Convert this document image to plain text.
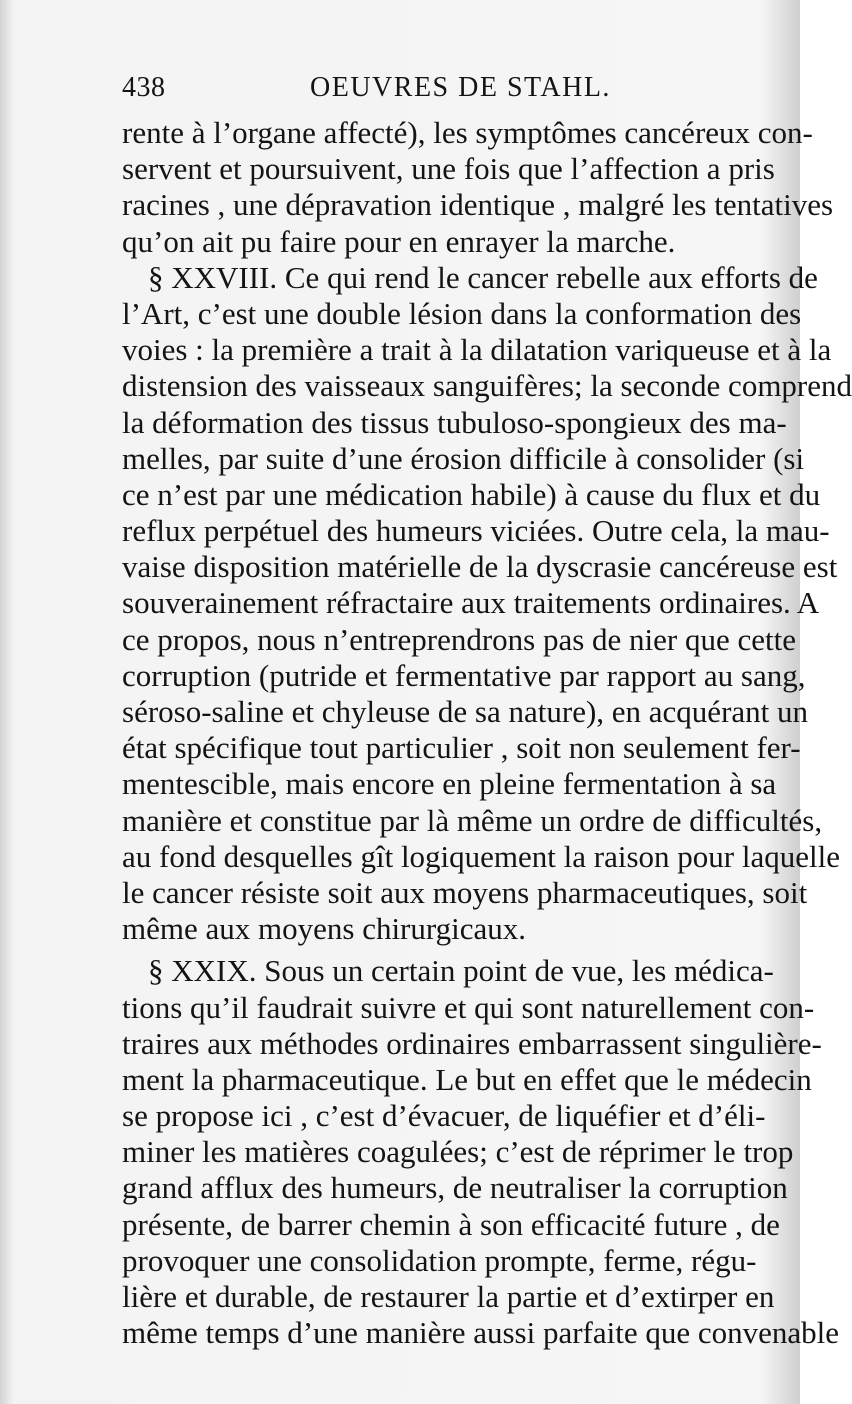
438	OEUVRES DE STAHL.
rente à l’organe affecté), les symptômes cancéreux con-
servent et poursuivent, une fois que l’affection a pris
racines , une dépravation identique , malgré les tentatives
qu’on ait pu faire pour en enrayer la marche.
§ XXVIII. Ce qui rend le cancer rebelle aux efforts de
l’Art, c’est une double lésion dans la conformation des
voies : la première a trait à la dilatation variqueuse et à la
distension des vaisseaux sanguifères; la seconde comprend
la déformation des tissus tubuloso-spongieux des ma-
melles, par suite d’une érosion difficile à consolider (si
ce n’est par une médication habile) à cause du flux et du
reflux perpétuel des humeurs viciées. Outre cela, la mau-
vaise disposition matérielle de la dyscrasie cancéreuse est
souverainement réfractaire aux traitements ordinaires. A
ce propos, nous n’entreprendrons pas de nier que cette
corruption (putride et fermentative par rapport au sang,
séroso-saline et chyleuse de sa nature), en acquérant un
état spécifique tout particulier , soit non seulement fer-
mentescible, mais encore en pleine fermentation à sa
manière et constitue par là même un ordre de difficultés,
au fond desquelles gît logiquement la raison pour laquelle
le cancer résiste soit aux moyens pharmaceutiques, soit
même aux moyens chirurgicaux.
§ XXIX. Sous un certain point de vue, les médica-
tions qu’il faudrait suivre et qui sont naturellement con-
traires aux méthodes ordinaires embarrassent singulière-
ment la pharmaceutique. Le but en effet que le médecin
se propose ici , c’est d’évacuer, de liquéfier et d’éli-
miner les matières coagulées; c’est de réprimer le trop
grand afflux des humeurs, de neutraliser la corruption
présente, de barrer chemin à son efficacité future , de
provoquer une consolidation prompte, ferme, régu-
lière et durable, de restaurer la partie et d’extirper en
même temps d’une manière aussi parfaite que convenable
